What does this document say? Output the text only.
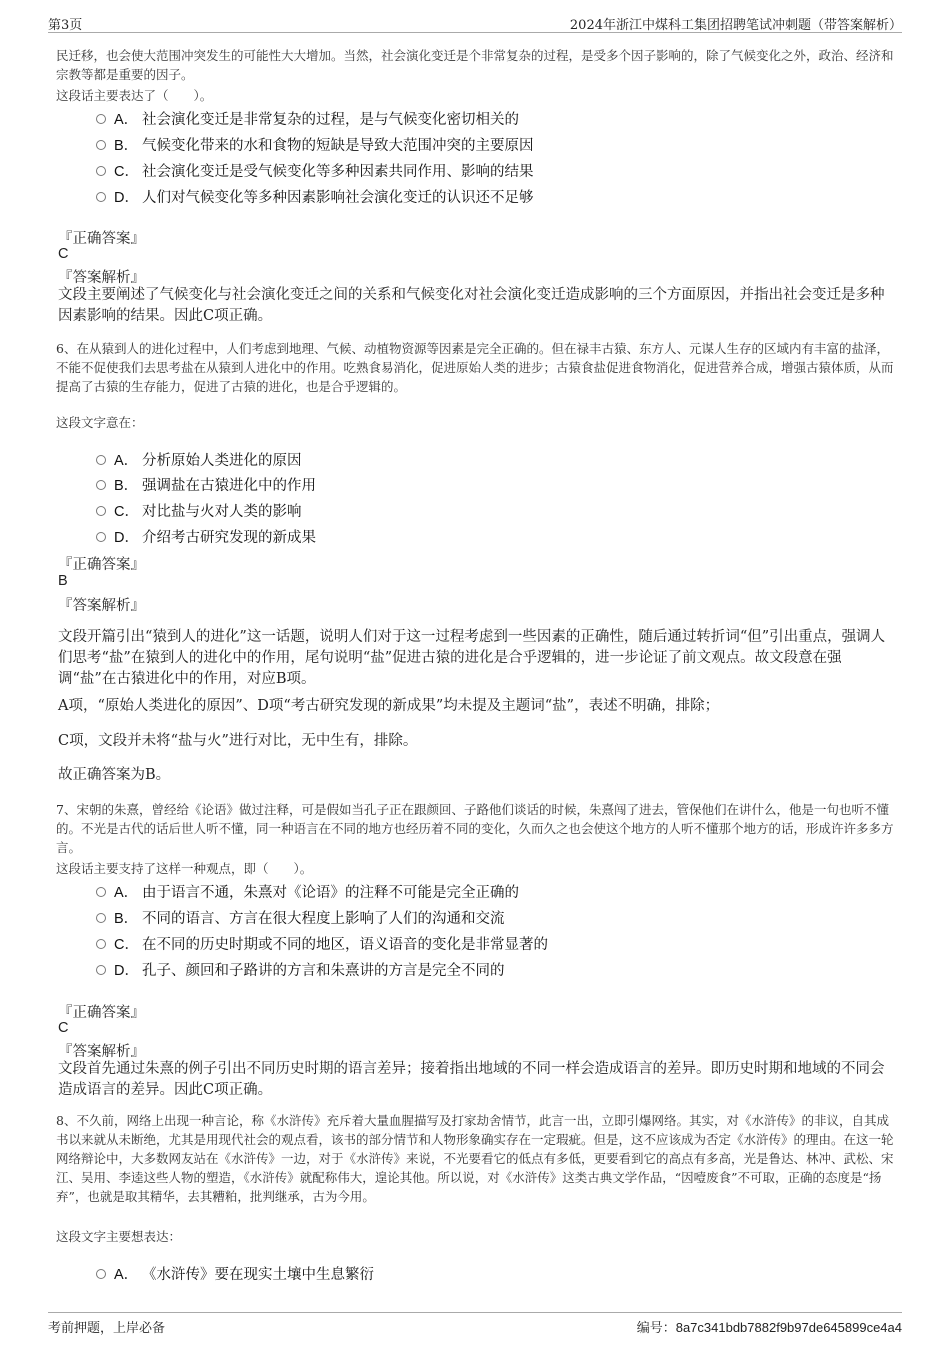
第3页	2024年浙江中煤科工集团招聘笔试冲刺题（带答案解析）
民迁移，也会使大范围冲突发生的可能性大大增加。当然，社会演化变迁是个非常复杂的过程，是受多个因子影响的，除了气候变化之外，政治、经济和宗教等都是重要的因子。
这段话主要表达了（　　）。
A． 社会演化变迁是非常复杂的过程，是与气候变化密切相关的
B． 气候变化带来的水和食物的短缺是导致大范围冲突的主要原因
C． 社会演化变迁是受气候变化等多种因素共同作用、影响的结果
D． 人们对气候变化等多种因素影响社会演化变迁的认识还不足够
『正确答案』
C
『答案解析』
文段主要阐述了气候变化与社会演化变迁之间的关系和气候变化对社会演化变迁造成影响的三个方面原因，并指出社会变迁是多种因素影响的结果。因此C项正确。
6、在从猿到人的进化过程中，人们考虑到地理、气候、动植物资源等因素是完全正确的。但在禄丰古猿、东方人、元谋人生存的区域内有丰富的盐泽，不能不促使我们去思考盐在从猿到人进化中的作用。吃熟食易消化，促进原始人类的进步；古猿食盐促进食物消化，促进营养合成，增强古猿体质，从而提高了古猿的生存能力，促进了古猿的进化，也是合乎逻辑的。
这段文字意在：
A． 分析原始人类进化的原因
B． 强调盐在古猿进化中的作用
C． 对比盐与火对人类的影响
D． 介绍考古研究发现的新成果
『正确答案』
B
『答案解析』
文段开篇引出“猿到人的进化”这一话题，说明人们对于这一过程考虑到一些因素的正确性，随后通过转折词“但”引出重点，强调人们思考“盐”在猿到人的进化中的作用，尾句说明“盐”促进古猿的进化是合乎逻辑的，进一步论证了前文观点。故文段意在强调“盐”在古猿进化中的作用，对应B项。
A项，“原始人类进化的原因”、D项“考古研究发现的新成果”均未提及主题词“盐”，表述不明确，排除；
C项，文段并未将“盐与火”进行对比，无中生有，排除。
故正确答案为B。
7、宋朝的朱熹，曾经给《论语》做过注释，可是假如当孔子正在跟颜回、子路他们谈话的时候，朱熹闯了进去，管保他们在讲什么，他是一句也听不懂的。不光是古代的话后世人听不懂，同一种语言在不同的地方也经历着不同的变化，久而久之也会使这个地方的人听不懂那个地方的话，形成许许多多方言。
这段话主要支持了这样一种观点，即（　　）。
A． 由于语言不通，朱熹对《论语》的注释不可能是完全正确的
B． 不同的语言、方言在很大程度上影响了人们的沟通和交流
C． 在不同的历史时期或不同的地区，语义语音的变化是非常显著的
D． 孔子、颜回和子路讲的方言和朱熹讲的方言是完全不同的
『正确答案』
C
『答案解析』
文段首先通过朱熹的例子引出不同历史时期的语言差异；接着指出地域的不同一样会造成语言的差异。即历史时期和地域的不同会造成语言的差异。因此C项正确。
8、不久前，网络上出现一种言论，称《水浒传》充斥着大量血腥描写及打家劫舍情节，此言一出，立即引爆网络。其实，对《水浒传》的非议，自其成书以来就从未断绝，尤其是用现代社会的观点看，该书的部分情节和人物形象确实存在一定瑕疵。但是，这不应该成为否定《水浒传》的理由。在这一轮网络辩论中，大多数网友站在《水浒传》一边，对于《水浒传》来说，不光要看它的低点有多低，更要看到它的高点有多高，光是鲁达、林冲、武松、宋江、吴用、李逵这些人物的塑造，《水浒传》就配称伟大，遑论其他。所以说，对《水浒传》这类古典文学作品，“因噎废食”不可取，正确的态度是“扬弃”，也就是取其精华，去其糟粕，批判继承，古为今用。
这段文字主要想表达：
A． 《水浒传》要在现实土壤中生息繁衍
考前押题，上岸必备	编号：8a7c341bdb7882f9b97de645899ce4a4
